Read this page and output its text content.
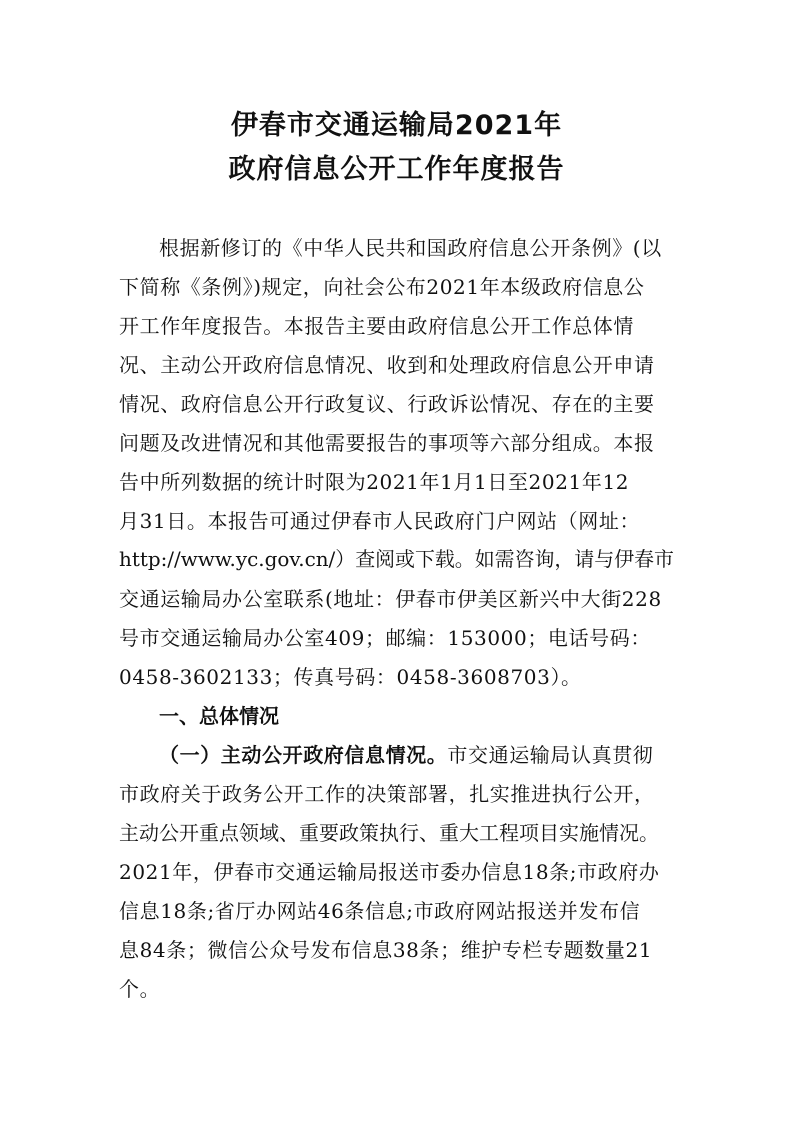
伊春市交通运输局2021年
政府信息公开工作年度报告
根据新修订的《中华人民共和国政府信息公开条例》(以
下简称《条例》)规定，向社会公布2021年本级政府信息公
开工作年度报告。本报告主要由政府信息公开工作总体情
况、主动公开政府信息情况、收到和处理政府信息公开申请
情况、政府信息公开行政复议、行政诉讼情况、存在的主要
问题及改进情况和其他需要报告的事项等六部分组成。本报
告中所列数据的统计时限为2021年1月1日至2021年12
月31日。本报告可通过伊春市人民政府门户网站（网址：
http://www.yc.gov.cn/）查阅或下载。如需咨询，请与伊春市
交通运输局办公室联系(地址：伊春市伊美区新兴中大街228
号市交通运输局办公室409；邮编：153000；电话号码：
0458-3602133；传真号码：0458-3608703）。
一、总体情况
（一）主动公开政府信息情况。市交通运输局认真贯彻
市政府关于政务公开工作的决策部署，扎实推进执行公开，
主动公开重点领域、重要政策执行、重大工程项目实施情况。
2021年，伊春市交通运输局报送市委办信息18条;市政府办
信息18条;省厅办网站46条信息;市政府网站报送并发布信
息84条；微信公众号发布信息38条；维护专栏专题数量21
个。
